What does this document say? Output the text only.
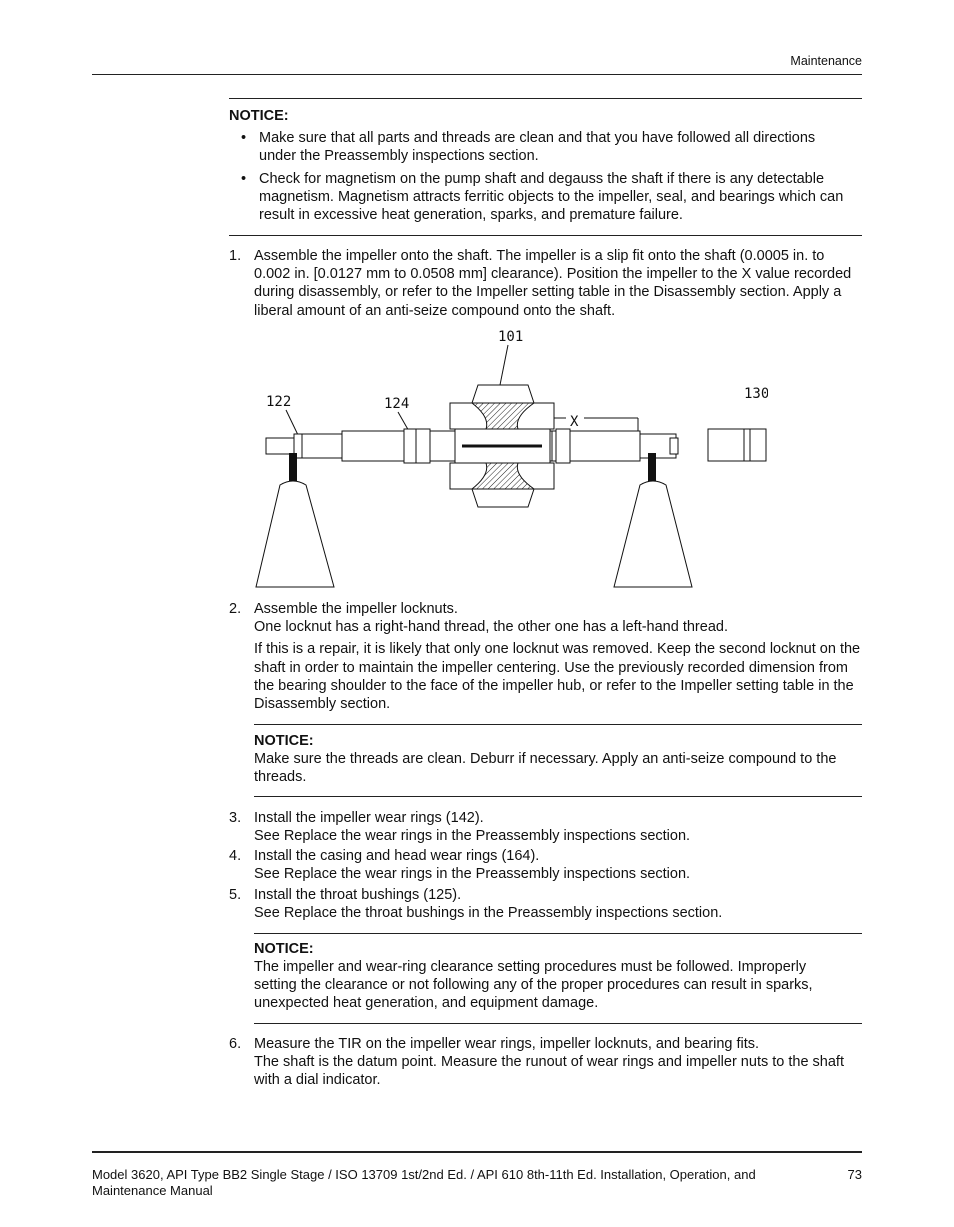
Maintenance
NOTICE:
• Make sure that all parts and threads are clean and that you have followed all directions under the Preassembly inspections section.
• Check for magnetism on the pump shaft and degauss the shaft if there is any detectable magnetism. Magnetism attracts ferritic objects to the impeller, seal, and bearings which can result in excessive heat generation, sparks, and premature failure.
1. Assemble the impeller onto the shaft. The impeller is a slip fit onto the shaft (0.0005 in. to 0.002 in. [0.0127 mm to 0.0508 mm] clearance). Position the impeller to the X value recorded during disassembly, or refer to the Impeller setting table in the Disassembly section. Apply a liberal amount of an anti-seize compound onto the shaft.

101
122	124
130
X
2. Assemble the impeller locknuts.

One locknut has a right-hand thread, the other one has a left-hand thread.

If this is a repair, it is likely that only one locknut was removed. Keep the second locknut on the shaft in order to maintain the impeller centering. Use the previously recorded dimension from the bearing shoulder to the face of the impeller hub, or refer to the Impeller setting table in the Disassembly section.

NOTICE:
Make sure the threads are clean. Deburr if necessary. Apply an anti-seize compound to the threads.
3. Install the impeller wear rings (142).

See Replace the wear rings in the Preassembly inspections section.

4. Install the casing and head wear rings (164).

See Replace the wear rings in the Preassembly inspections section.

5. Install the throat bushings (125).

See Replace the throat bushings in the Preassembly inspections section.

NOTICE:
The impeller and wear-ring clearance setting procedures must be followed. Improperly setting the clearance or not following any of the proper procedures can result in sparks, unexpected heat generation, and equipment damage.
6. Measure the TIR on the impeller wear rings, impeller locknuts, and bearing fits.

The shaft is the datum point. Measure the runout of wear rings and impeller nuts to the shaft with a dial indicator.

Model 3620, API Type BB2 Single Stage / ISO 13709 1st/2nd Ed. / API 610 8th-11th Ed. Installation, Operation, and Maintenance Manual
73
